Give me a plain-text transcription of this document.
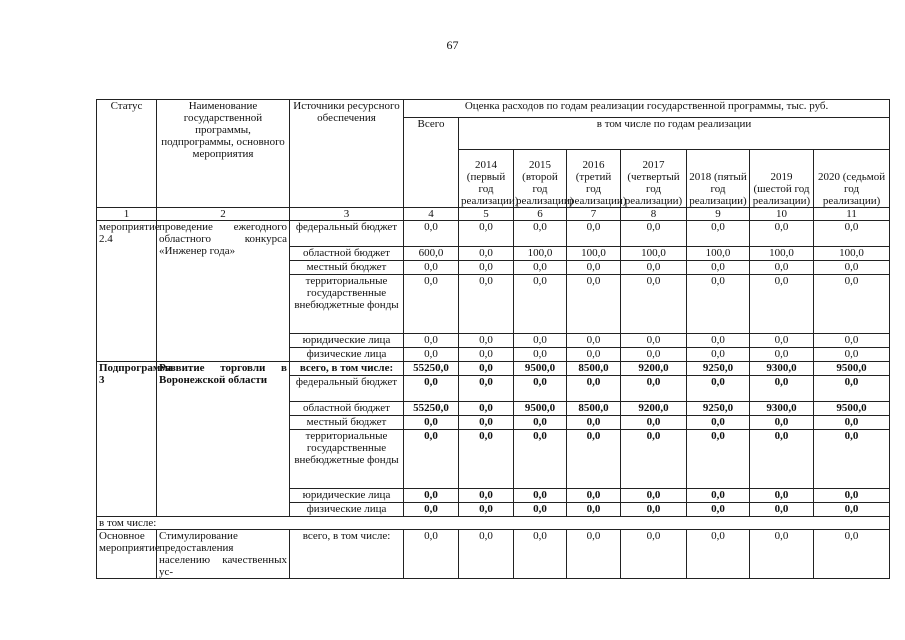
67
Статус	Наименование государственной программы, подпрограммы, основного мероприятия	Источники ресурсного обеспечения	Оценка расходов по годам реализации государственной программы, тыс. руб.							
			Всего	в том числе по годам реализации						
				2014 (первый год реализации)	2015 (второй год реализации)	2016 (третий год реализации)	2017 (четвертый год реализации)	2018 (пятый год реализации)	2019 (шестой год реализации)	2020 (седьмой год реализации)
1	2	3	4	5	6	7	8	9	10	11
мероприятие 2.4	проведение ежегодного областного конкурса «Инженер года»	федеральный бюджет	0,0	0,0	0,0	0,0	0,0	0,0	0,0	0,0
		областной бюджет	600,0	0,0	100,0	100,0	100,0	100,0	100,0	100,0
		местный бюджет	0,0	0,0	0,0	0,0	0,0	0,0	0,0	0,0
		территориальные государственные внебюджетные фонды	0,0	0,0	0,0	0,0	0,0	0,0	0,0	0,0
		юридические лица	0,0	0,0	0,0	0,0	0,0	0,0	0,0	0,0
		физические лица	0,0	0,0	0,0	0,0	0,0	0,0	0,0	0,0
Подпрограмма 3	Развитие торговли в Воронежской области	всего, в том числе:	55250,0	0,0	9500,0	8500,0	9200,0	9250,0	9300,0	9500,0
		федеральный бюджет	0,0	0,0	0,0	0,0	0,0	0,0	0,0	0,0
		областной бюджет	55250,0	0,0	9500,0	8500,0	9200,0	9250,0	9300,0	9500,0
		местный бюджет	0,0	0,0	0,0	0,0	0,0	0,0	0,0	0,0
		территориальные государственные внебюджетные фонды	0,0	0,0	0,0	0,0	0,0	0,0	0,0	0,0
		юридические лица	0,0	0,0	0,0	0,0	0,0	0,0	0,0	0,0
		физические лица	0,0	0,0	0,0	0,0	0,0	0,0	0,0	0,0
в том числе:										
Основное мероприятие	Стимулирование предоставления населению качественных ус-	всего, в том числе:	0,0	0,0	0,0	0,0	0,0	0,0	0,0	0,0
